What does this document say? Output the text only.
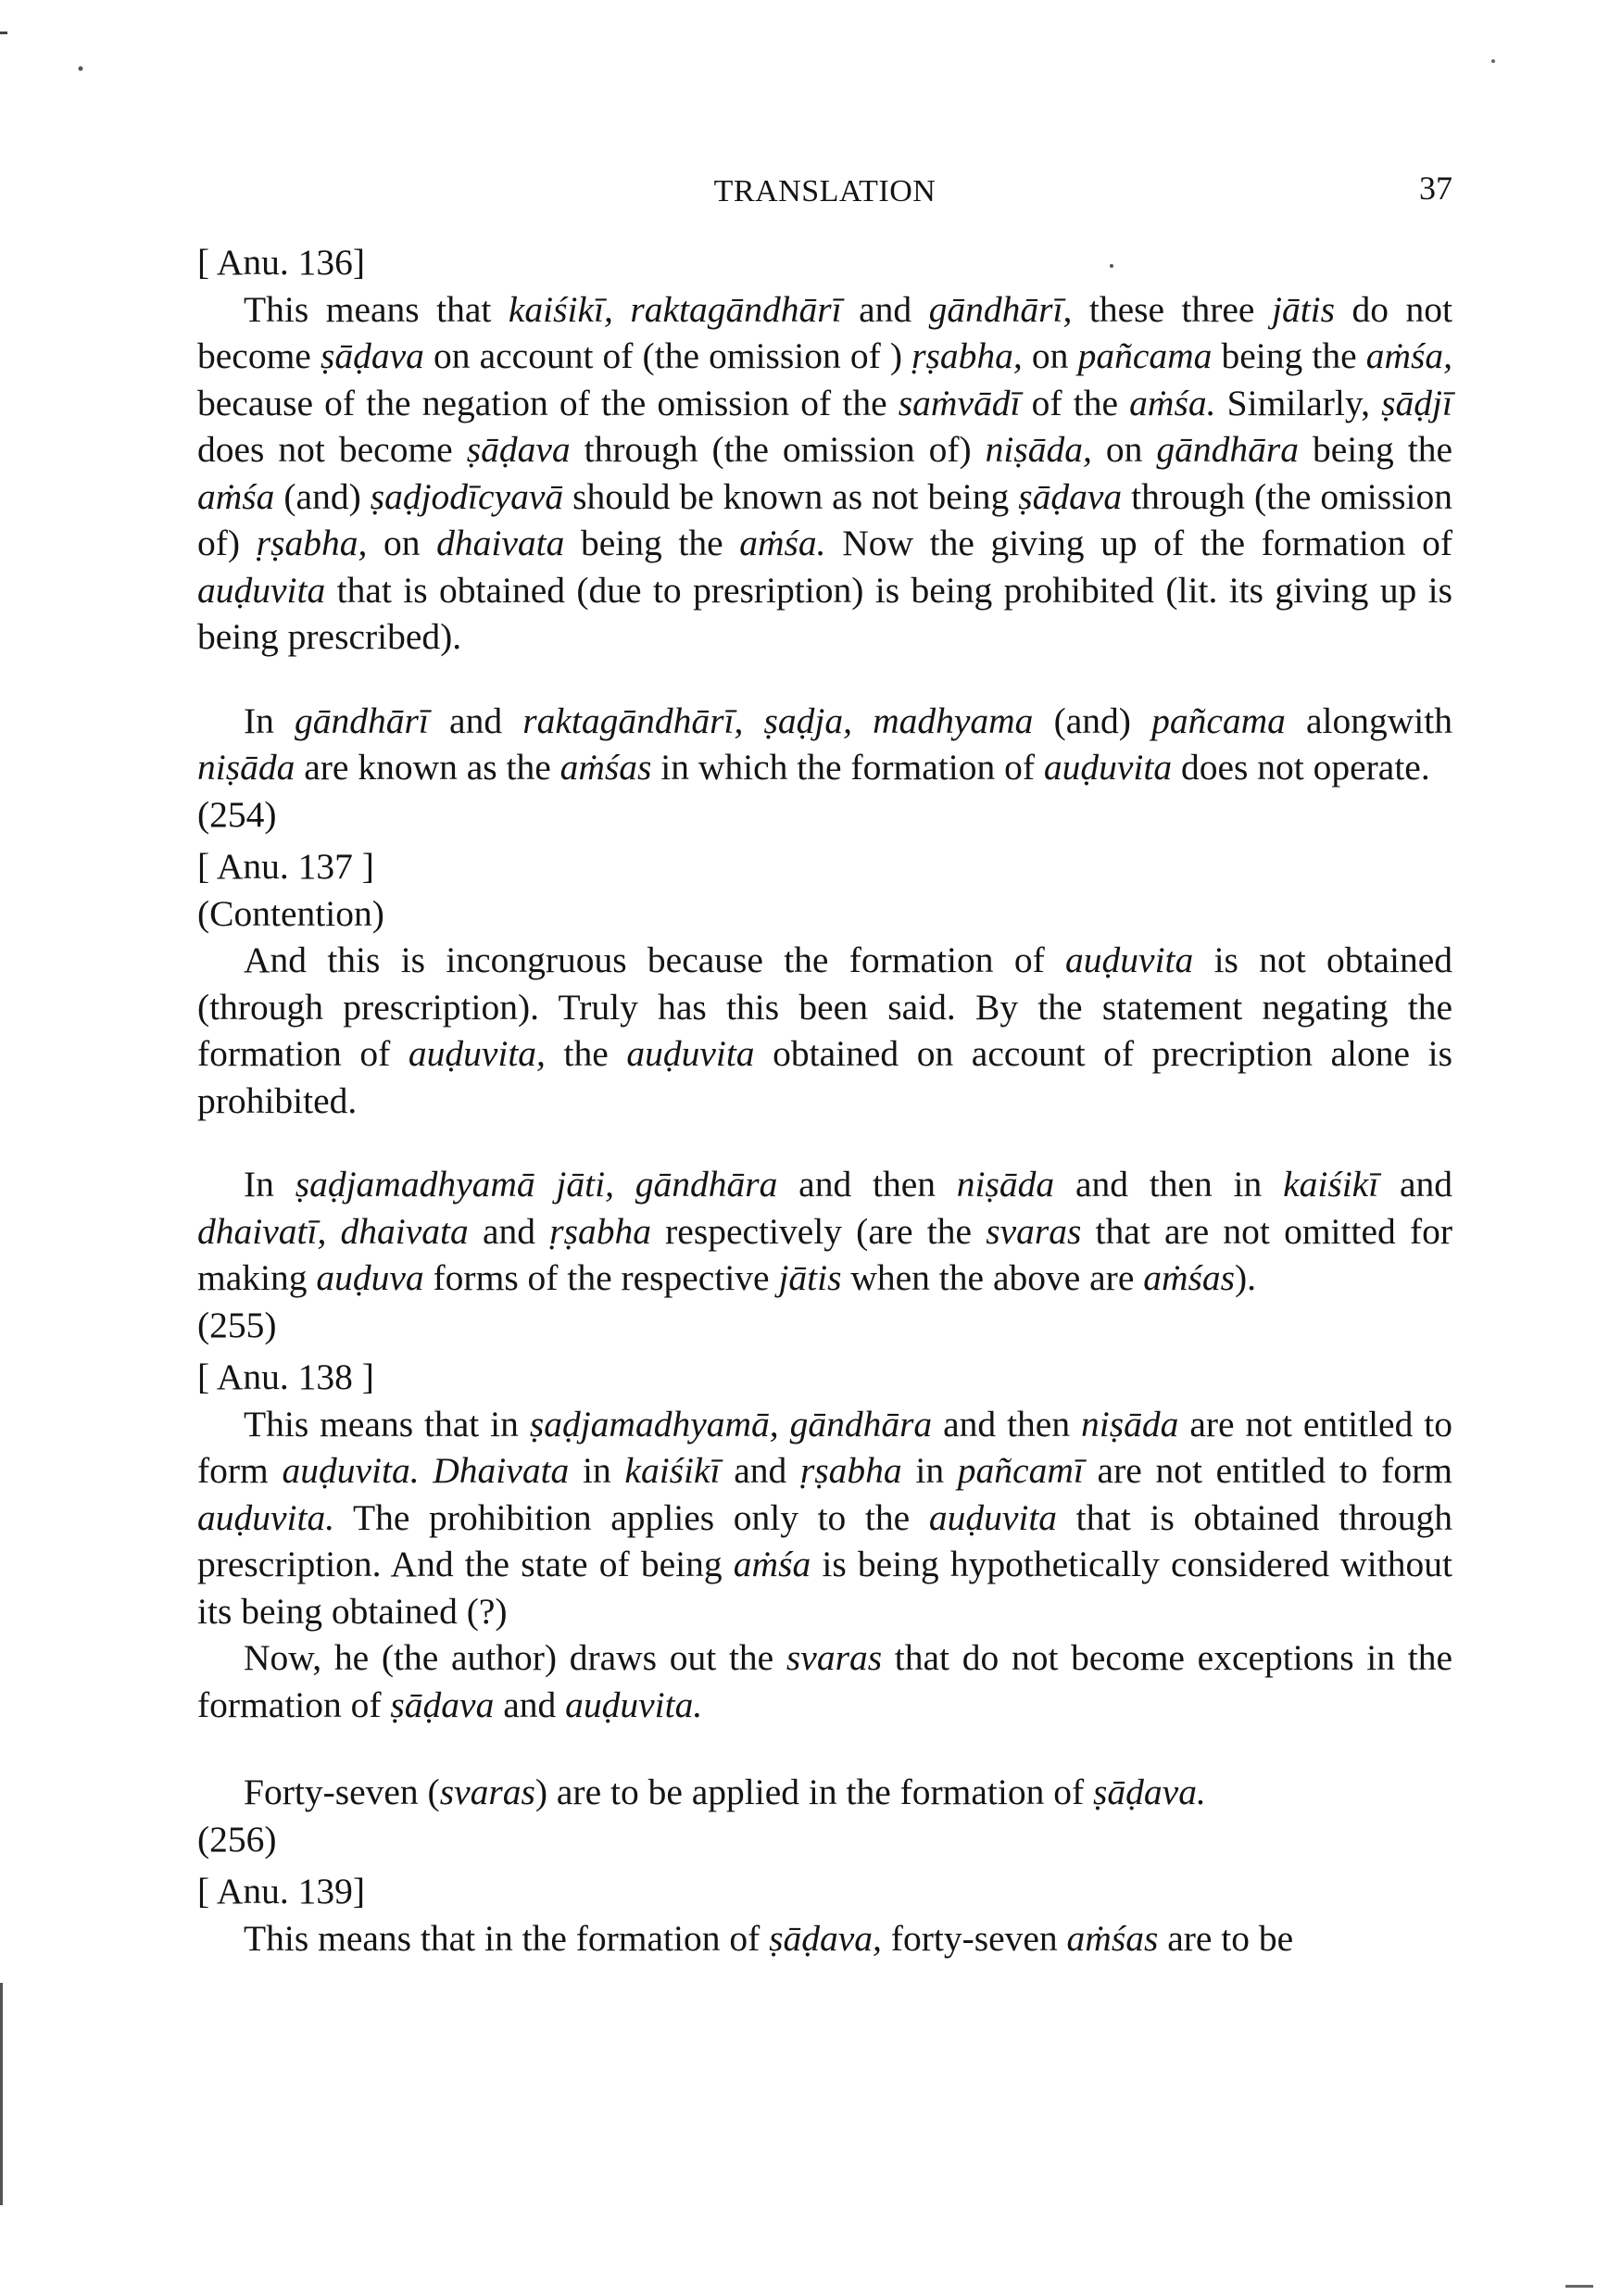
TRANSLATION	37

[ Anu. 136]

This means that kaiśikī, raktagāndhārī and gāndhārī, these three jātis do not become ṣāḍava on account of (the omission of ) ṛṣabha, on pañcama being the aṁśa, because of the negation of the omission of the saṁvādī of the aṁśa. Similarly, ṣāḍjī does not become ṣāḍava through (the omission of) niṣāda, on gāndhāra being the aṁśa (and) ṣaḍjodīcyavā should be known as not being ṣāḍava through (the omission of) ṛṣabha, on dhaivata being the aṁśa. Now the giving up of the formation of auḍuvita that is obtained (due to presription) is being prohibited (lit. its giving up is being prescribed).

In gāndhārī and raktagāndhārī, ṣaḍja, madhyama (and) pañcama alongwith niṣāda are known as the aṁśas in which the formation of auḍuvita does not operate.

(254)

[ Anu. 137 ]

(Contention)

And this is incongruous because the formation of auḍuvita is not obtained (through prescription). Truly has this been said. By the statement negating the formation of auḍuvita, the auḍuvita obtained on account of precription alone is prohibited.

In ṣaḍjamadhyamā jāti, gāndhāra and then niṣāda and then in kaiśikī and dhaivatī, dhaivata and ṛṣabha respectively (are the svaras that are not omitted for making auḍuva forms of the respective jātis when the above are aṁśas).

(255)

[ Anu. 138 ]

This means that in ṣaḍjamadhyamā, gāndhāra and then niṣāda are not entitled to form auḍuvita. Dhaivata in kaiśikī and ṛṣabha in pañcamī are not entitled to form auḍuvita. The prohibition applies only to the auḍuvita that is obtained through prescription. And the state of being aṁśa is being hypothetically considered without its being obtained (?)

Now, he (the author) draws out the svaras that do not become exceptions in the formation of ṣāḍava and auḍuvita.

Forty-seven (svaras) are to be applied in the formation of ṣāḍava.

(256)

[ Anu. 139]

This means that in the formation of ṣāḍava, forty-seven aṁśas are to be
